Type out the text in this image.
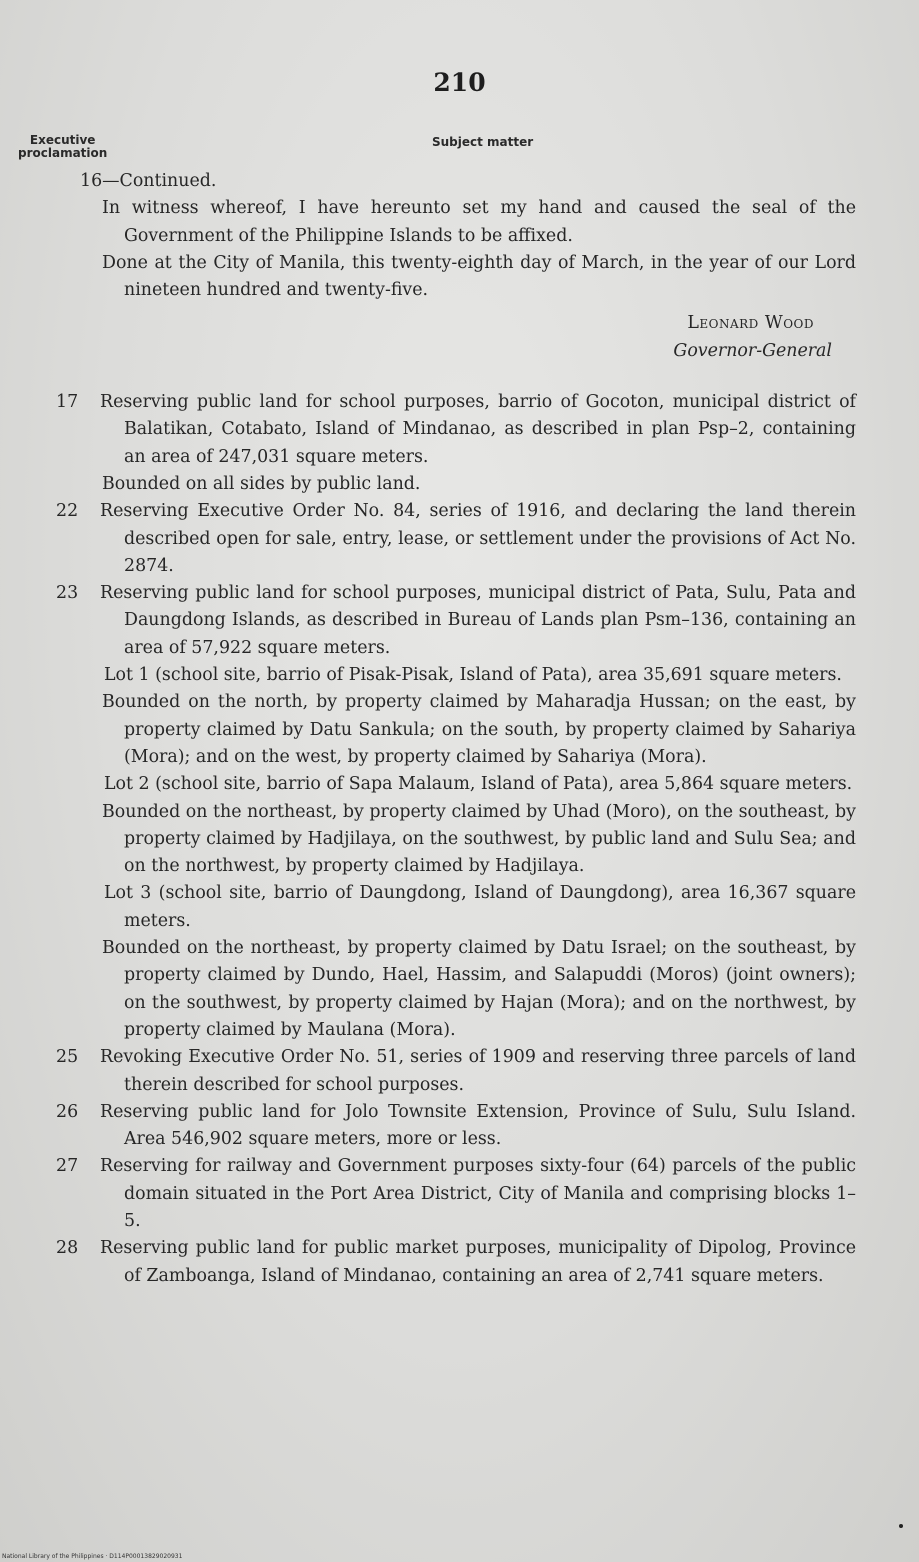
210
Executive
proclamation
Subject matter

16—Continued.

In witness whereof, I have hereunto set my hand and caused the seal of the Government of the Philippine Islands to be affixed.

Done at the City of Manila, this twenty-eighth day of March, in the year of our Lord nineteen hundred and twenty-five.

Leonard Wood

Governor-General

17 Reserving public land for school purposes, barrio of Gocoton, municipal district of Balatikan, Cotabato, Island of Mindanao, as described in plan Psp–2, containing an area of 247,031 square meters.

Bounded on all sides by public land.

22 Reserving Executive Order No. 84, series of 1916, and declaring the land therein described open for sale, entry, lease, or settlement under the provisions of Act No. 2874.

23 Reserving public land for school purposes, municipal district of Pata, Sulu, Pata and Daungdong Islands, as described in Bureau of Lands plan Psm–136, containing an area of 57,922 square meters.

Lot 1 (school site, barrio of Pisak-Pisak, Island of Pata), area 35,691 square meters.

Bounded on the north, by property claimed by Maharadja Hussan; on the east, by property claimed by Datu Sankula; on the south, by property claimed by Sahariya (Mora); and on the west, by property claimed by Sahariya (Mora).

Lot 2 (school site, barrio of Sapa Malaum, Island of Pata), area 5,864 square meters.

Bounded on the northeast, by property claimed by Uhad (Moro), on the southeast, by property claimed by Hadjilaya, on the southwest, by public land and Sulu Sea; and on the northwest, by property claimed by Hadjilaya.

Lot 3 (school site, barrio of Daungdong, Island of Daungdong), area 16,367 square meters.

Bounded on the northeast, by property claimed by Datu Israel; on the southeast, by property claimed by Dundo, Hael, Hassim, and Salapuddi (Moros) (joint owners); on the southwest, by property claimed by Hajan (Mora); and on the northwest, by property claimed by Maulana (Mora).

25 Revoking Executive Order No. 51, series of 1909 and reserving three parcels of land therein described for school purposes.

26 Reserving public land for Jolo Townsite Extension, Province of Sulu, Sulu Island. Area 546,902 square meters, more or less.

27 Reserving for railway and Government purposes sixty-four (64) parcels of the public domain situated in the Port Area District, City of Manila and comprising blocks 1–5.

28 Reserving public land for public market purposes, municipality of Dipolog, Province of Zamboanga, Island of Mindanao, containing an area of 2,741 square meters.

National Library of the Philippines · D114P00013829020931
